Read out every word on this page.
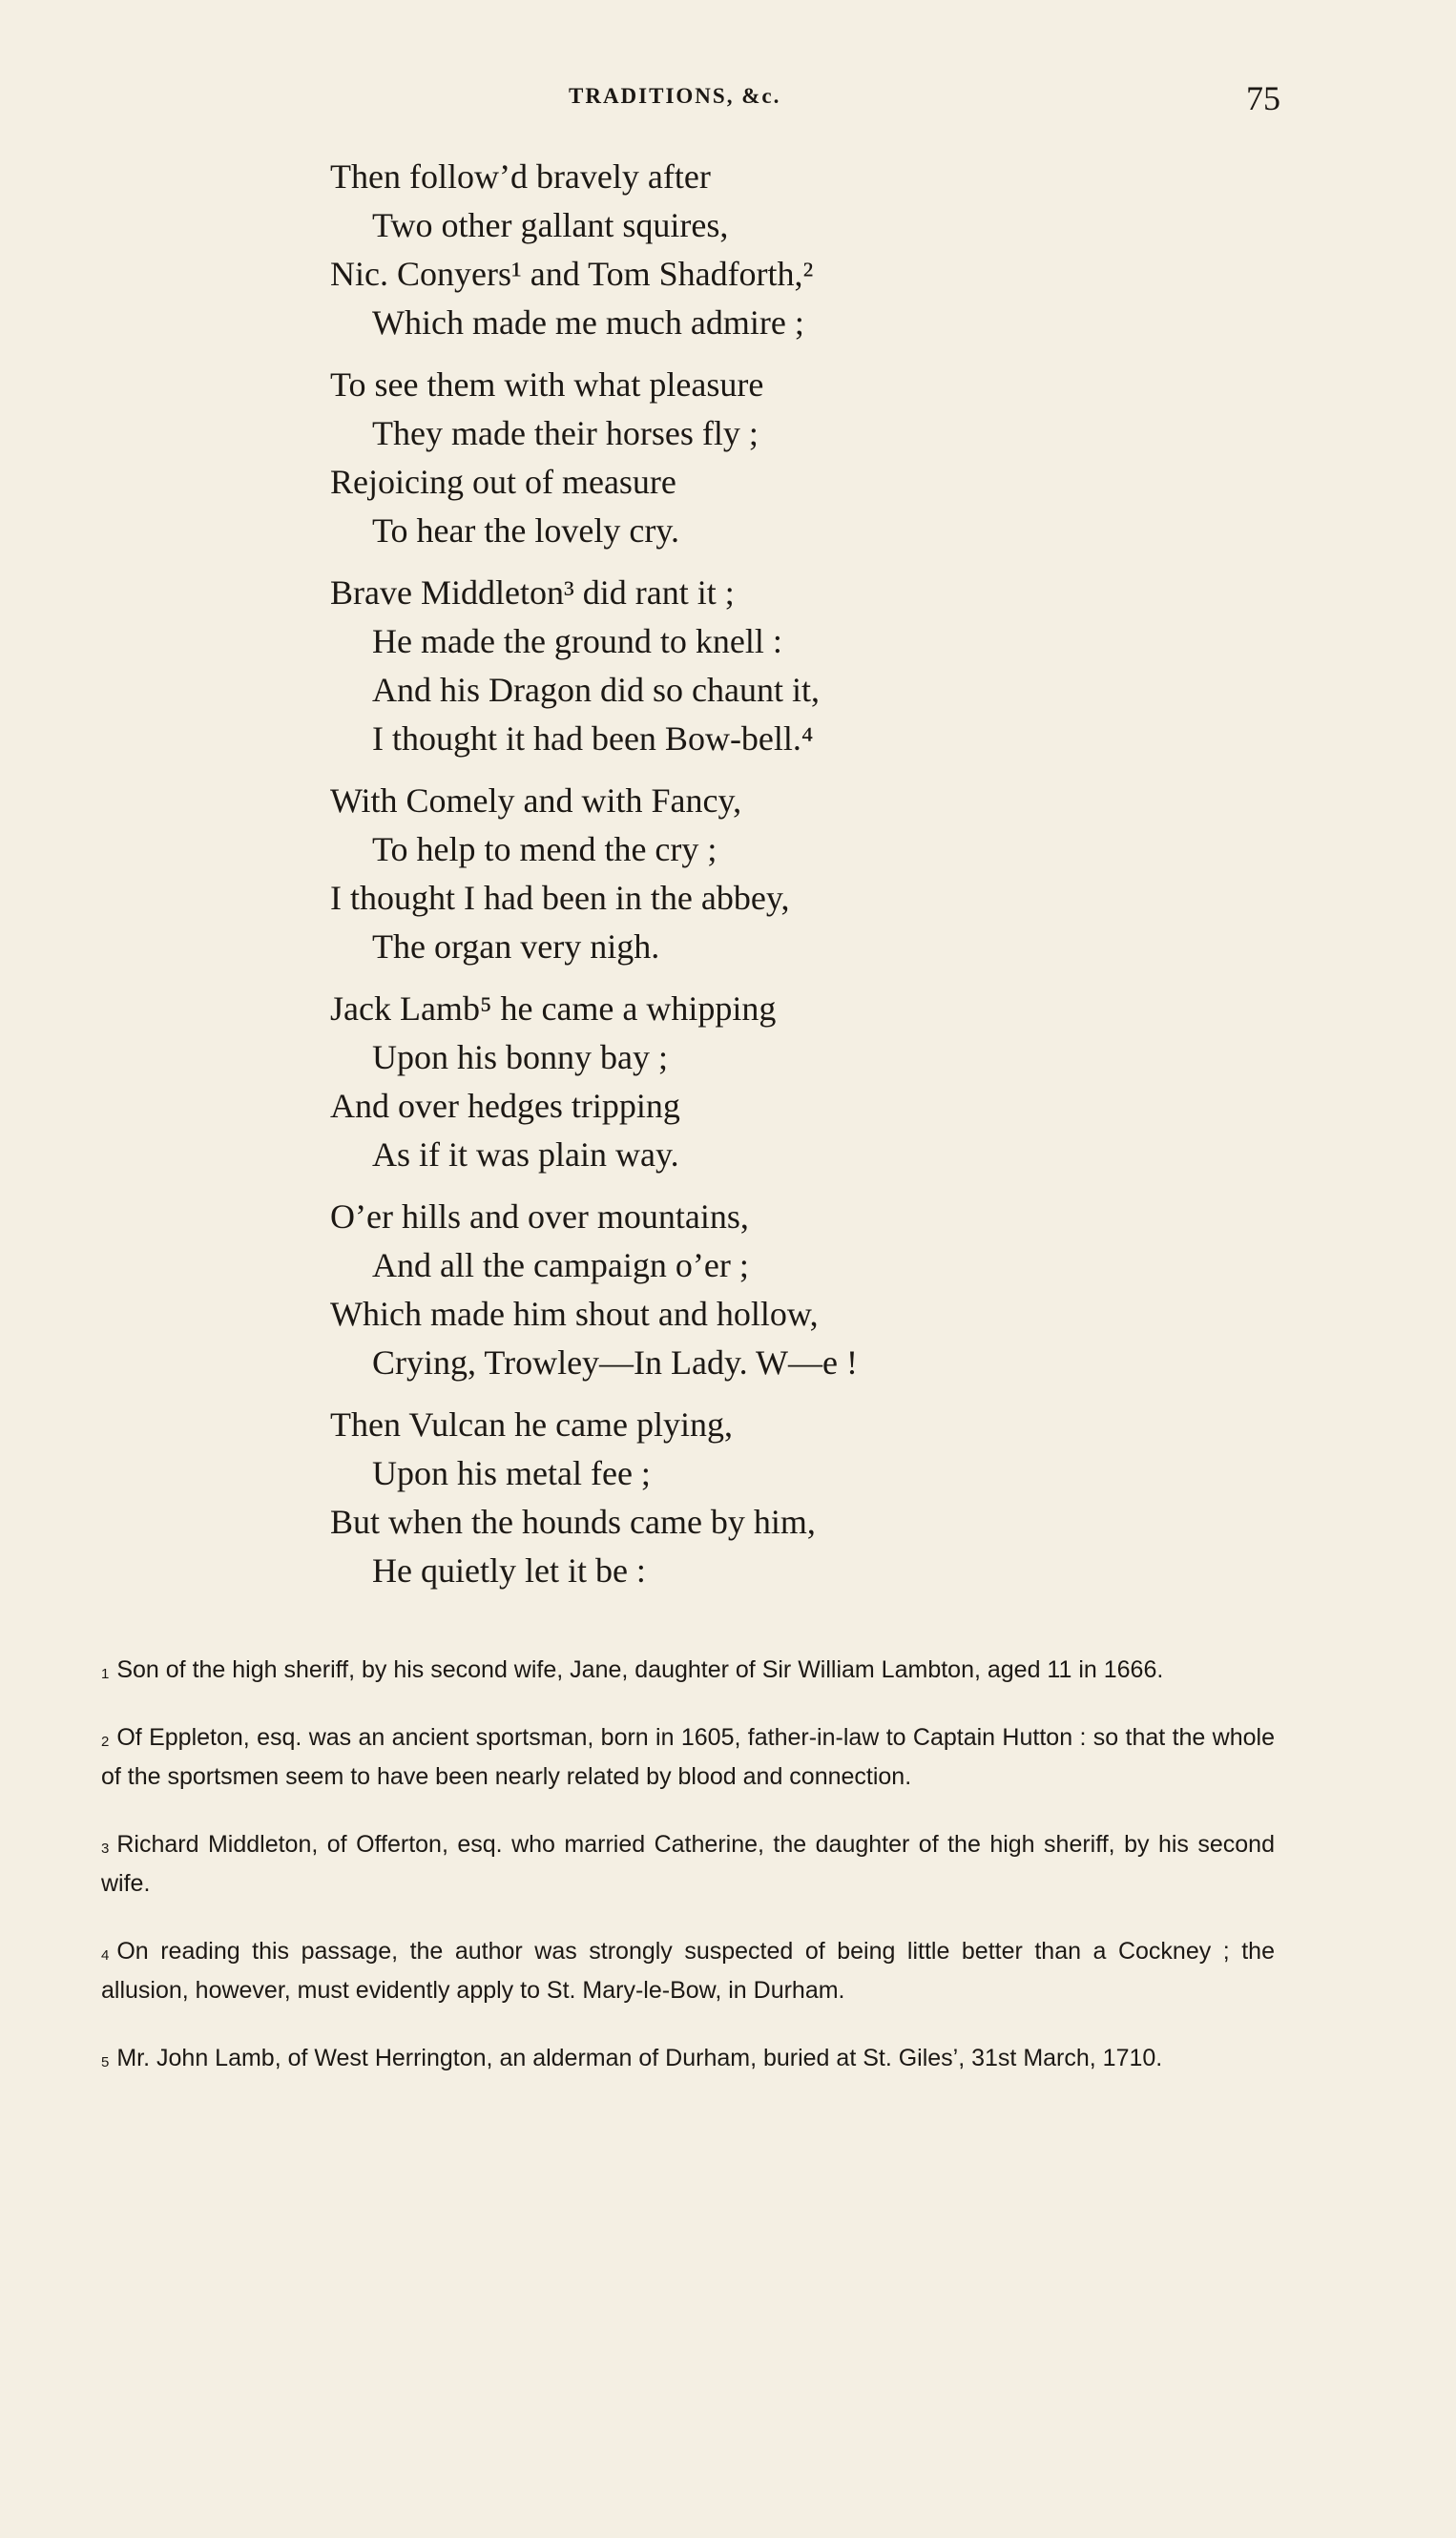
TRADITIONS, &c.	75
Then follow’d bravely after
Two other gallant squires,
Nic. Conyers¹ and Tom Shadforth,²
Which made me much admire ;
To see them with what pleasure
They made their horses fly ;
Rejoicing out of measure
To hear the lovely cry.
Brave Middleton³ did rant it ;
He made the ground to knell :
And his Dragon did so chaunt it,
I thought it had been Bow-bell.⁴
With Comely and with Fancy,
To help to mend the cry ;
I thought I had been in the abbey,
The organ very nigh.
Jack Lamb⁵ he came a whipping
Upon his bonny bay ;
And over hedges tripping
As if it was plain way.
O’er hills and over mountains,
And all the campaign o’er ;
Which made him shout and hollow,
Crying, Trowley—In Lady. W—e !
Then Vulcan he came plying,
Upon his metal fee ;
But when the hounds came by him,
He quietly let it be :
$^1$ Son of the high sheriff, by his second wife, Jane, daughter of Sir William Lambton, aged 11 in 1666.
$^2$ Of Eppleton, esq. was an ancient sportsman, born in 1605, father-in-law to Captain Hutton : so that the whole of the sportsmen seem to have been nearly related by blood and connection.
$^3$ Richard Middleton, of Offerton, esq. who married Catherine, the daughter of the high sheriff, by his second wife.
$^4$ On reading this passage, the author was strongly suspected of being little better than a Cockney ; the allusion, however, must evidently apply to St. Mary-le-Bow, in Durham.
$^5$ Mr. John Lamb, of West Herrington, an alderman of Durham, buried at St. Giles’, 31st March, 1710.
